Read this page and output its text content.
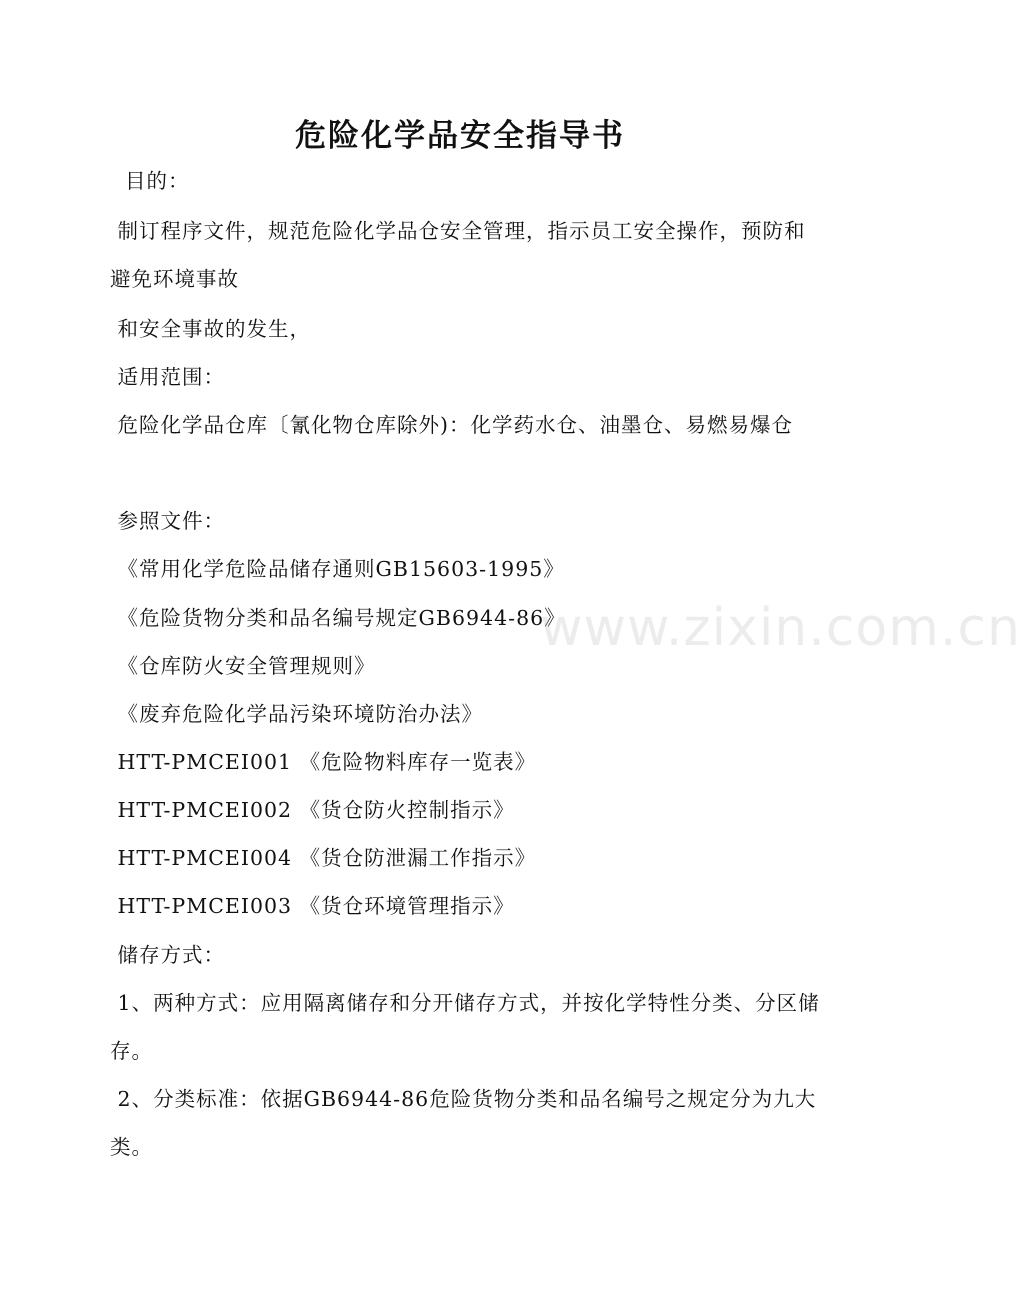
危险化学品安全指导书
目的：
制订程序文件，规范危险化学品仓安全管理，指示员工安全操作，预防和避免环境事故
和安全事故的发生，
适用范围：
危险化学品仓库〔氰化物仓库除外)：化学药水仓、油墨仓、易燃易爆仓
参照文件：
《常用化学危险品储存通则GB15603-1995》
《危险货物分类和品名编号规定GB6944-86》
《仓库防火安全管理规则》
《废弃危险化学品污染环境防治办法》
HTT-PMCEI001 《危险物料库存一览表》
HTT-PMCEI002 《货仓防火控制指示》
HTT-PMCEI004 《货仓防泄漏工作指示》
HTT-PMCEI003 《货仓环境管理指示》
储存方式：
1、两种方式：应用隔离储存和分开储存方式，并按化学特性分类、分区储存。
2、分类标准：依据GB6944-86危险货物分类和品名编号之规定分为九大类。
www.zixin.com.cn
